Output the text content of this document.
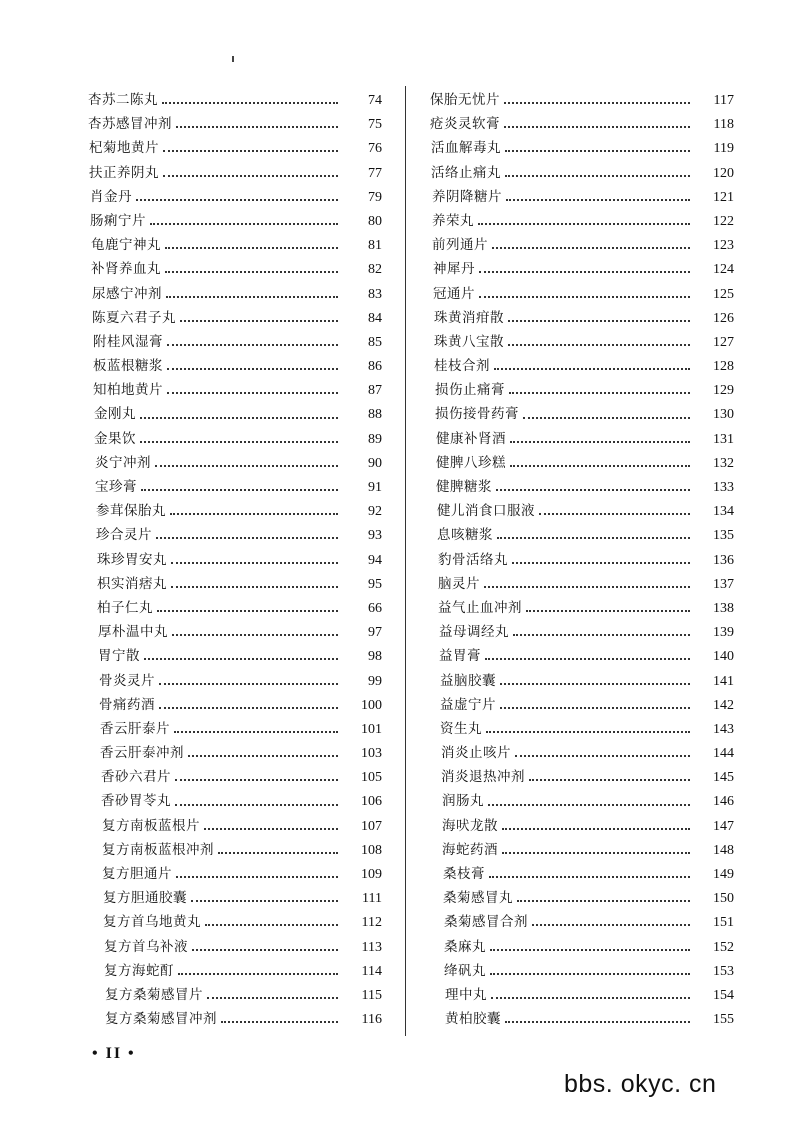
杏苏二陈丸	74
杏苏感冒冲剂	75
杞菊地黄片	76
扶正养阴丸	77
肖金丹	79
肠痢宁片	80
龟鹿宁神丸	81
补肾养血丸	82
尿感宁冲剂	83
陈夏六君子丸	84
附桂风湿膏	85
板蓝根糖浆	86
知柏地黄片	87
金刚丸	88
金果饮	89
炎宁冲剂	90
宝珍膏	91
参茸保胎丸	92
珍合灵片	93
珠珍胃安丸	94
枳实消痞丸	95
柏子仁丸	66
厚朴温中丸	97
胃宁散	98
骨炎灵片	99
骨痛药酒	100
香云肝泰片	101
香云肝泰冲剂	103
香砂六君片	105
香砂胃苓丸	106
复方南板蓝根片	107
复方南板蓝根冲剂	108
复方胆通片	109
复方胆通胶囊	111
复方首乌地黄丸	112
复方首乌补液	113
复方海蛇酊	114
复方桑菊感冒片	115
复方桑菊感冒冲剂	116
保胎无忧片	117
疮炎灵软膏	118
活血解毒丸	119
活络止痛丸	120
养阴降糖片	121
养荣丸	122
前列通片	123
神犀丹	124
冠通片	125
珠黄消疳散	126
珠黄八宝散	127
桂枝合剂	128
损伤止痛膏	129
损伤接骨药膏	130
健康补肾酒	131
健脾八珍糕	132
健脾糖浆	133
健儿消食口服液	134
息咳糖浆	135
豹骨活络丸	136
脑灵片	137
益气止血冲剂	138
益母调经丸	139
益胃膏	140
益脑胶囊	141
益虚宁片	142
资生丸	143
消炎止咳片	144
消炎退热冲剂	145
润肠丸	146
海吠龙散	147
海蛇药酒	148
桑枝膏	149
桑菊感冒丸	150
桑菊感冒合剂	151
桑麻丸	152
绛矾丸	153
理中丸	154
黄柏胶囊	155
• II •
bbs. okyc. cn
